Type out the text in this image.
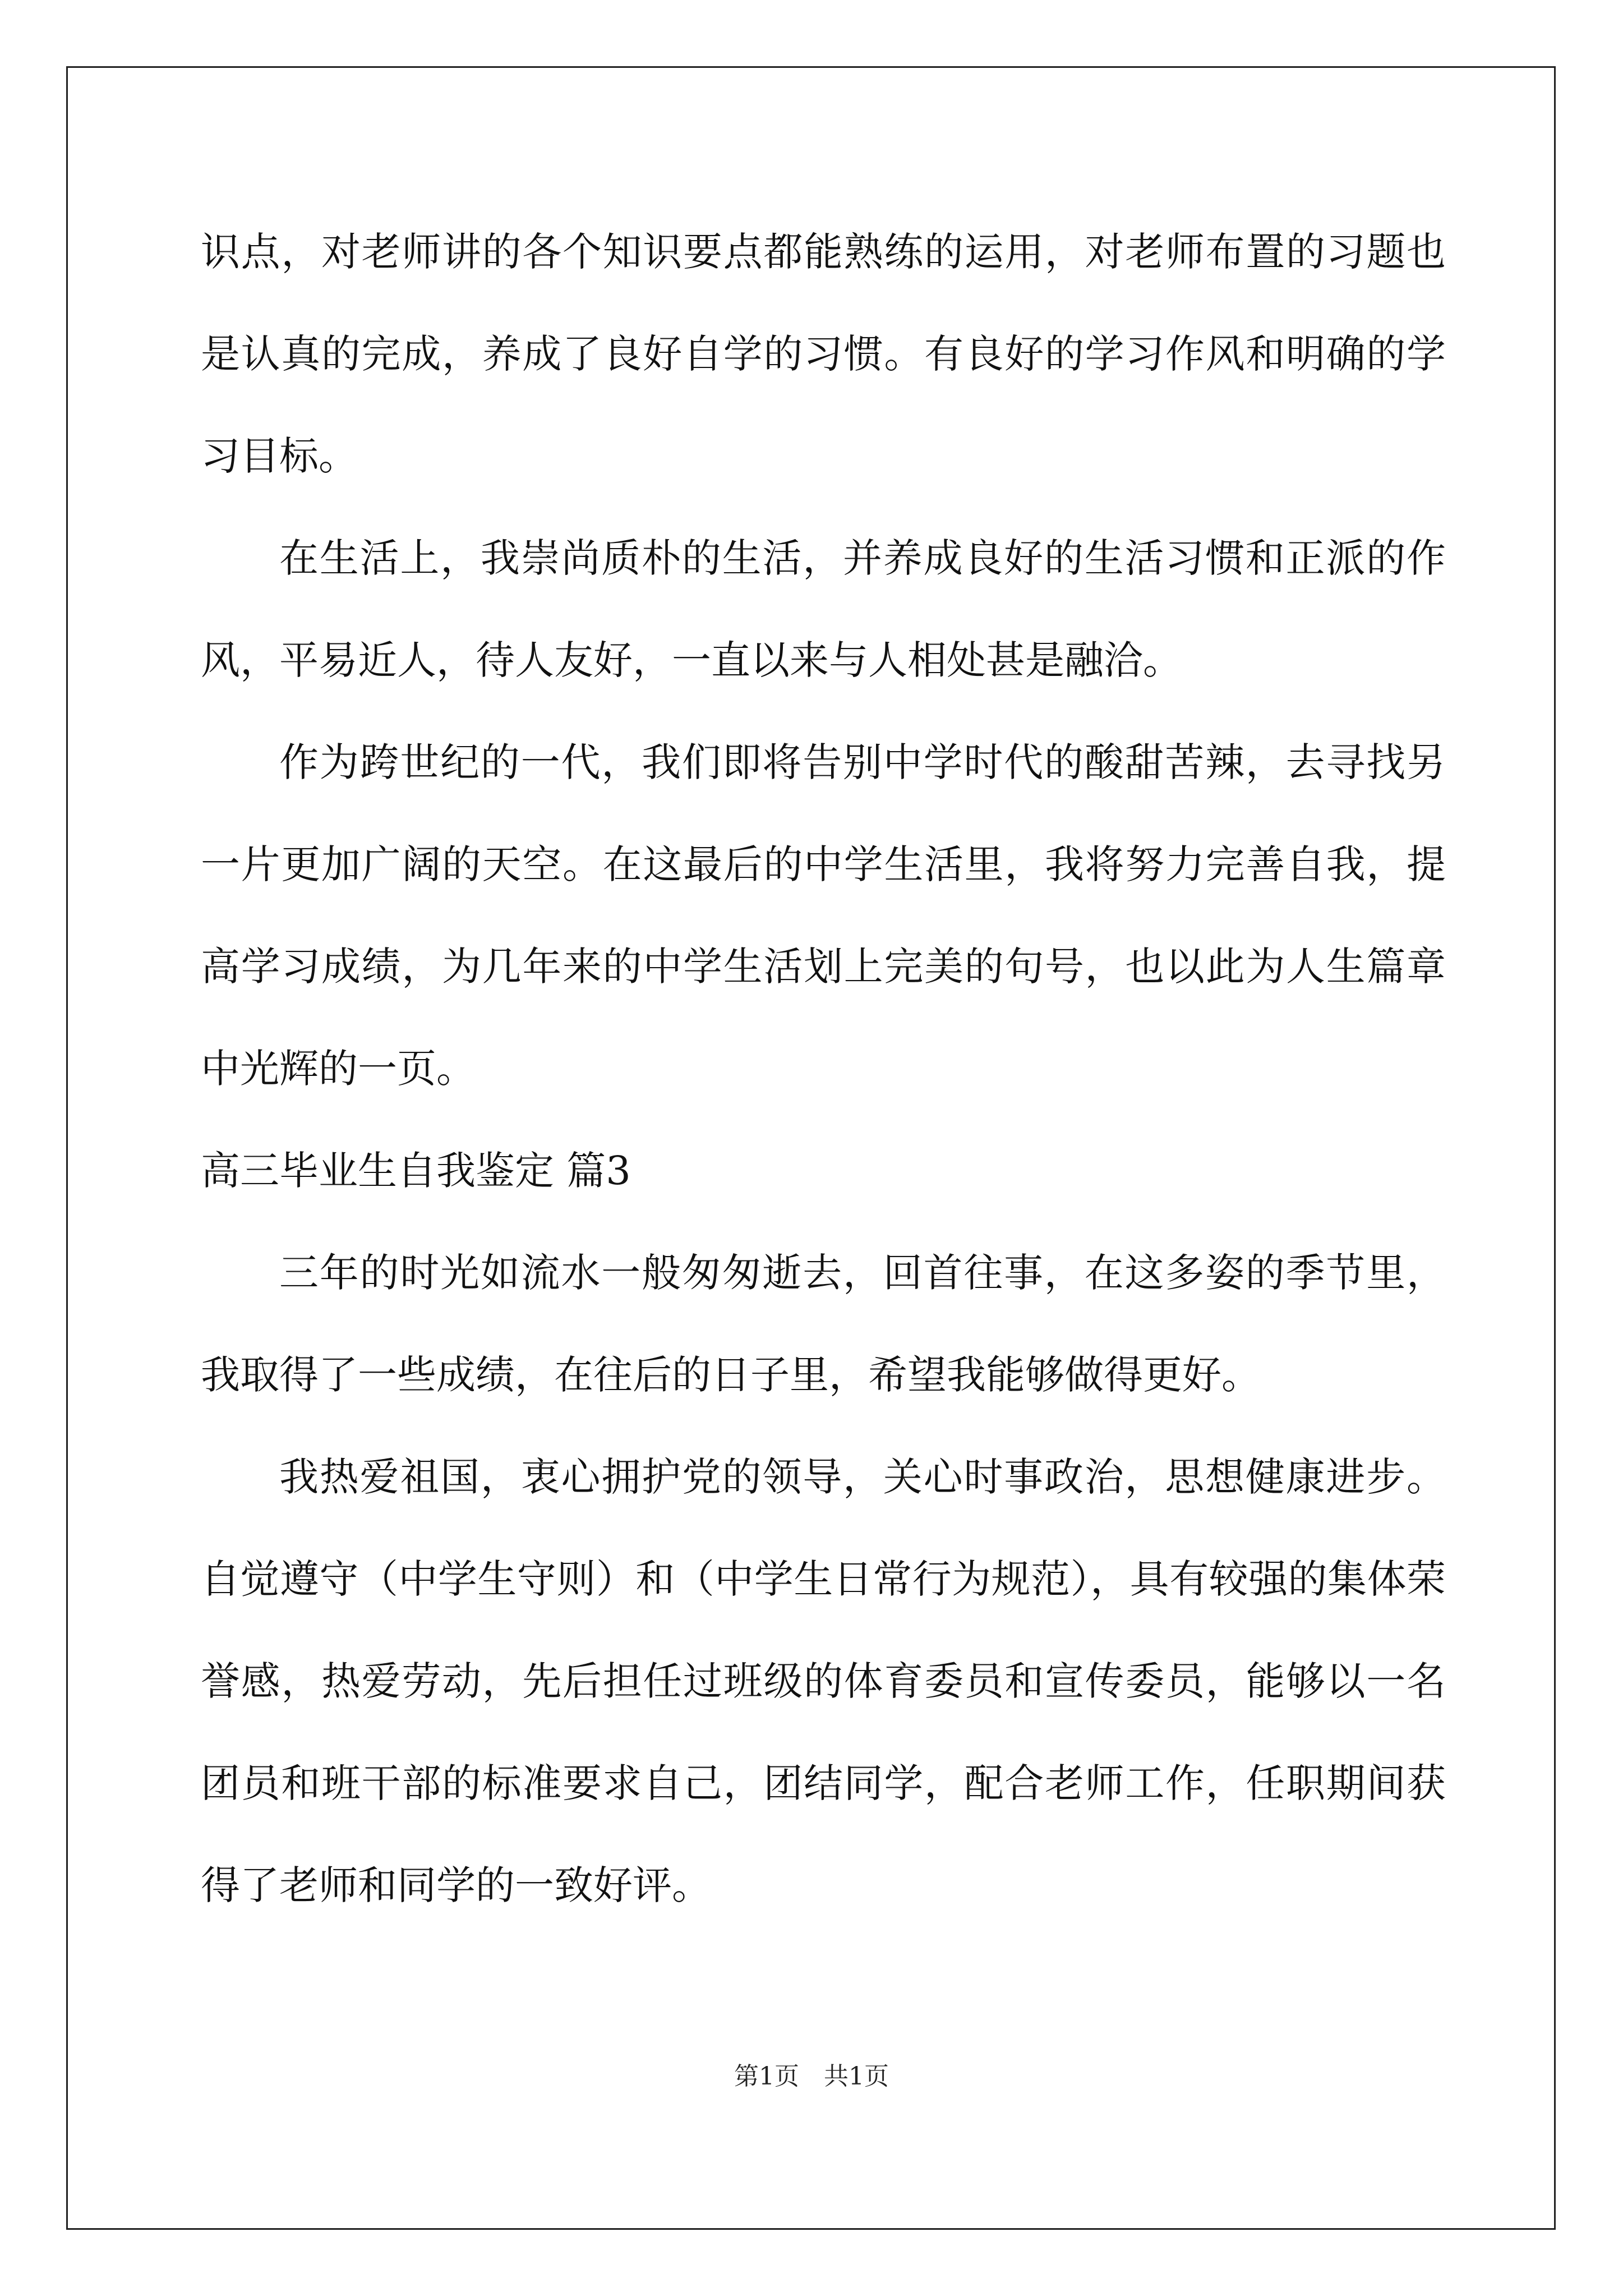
识点，对老师讲的各个知识要点都能熟练的运用，对老师布置的习题也是认真的完成，养成了良好自学的习惯。有良好的学习作风和明确的学习目标。

在生活上，我崇尚质朴的生活，并养成良好的生活习惯和正派的作风，平易近人，待人友好，一直以来与人相处甚是融洽。

作为跨世纪的一代，我们即将告别中学时代的酸甜苦辣，去寻找另一片更加广阔的天空。在这最后的中学生活里，我将努力完善自我，提高学习成绩，为几年来的中学生活划上完美的句号，也以此为人生篇章中光辉的一页。

高三毕业生自我鉴定 篇3

三年的时光如流水一般匆匆逝去，回首往事，在这多姿的季节里，我取得了一些成绩，在往后的日子里，希望我能够做得更好。

我热爱祖国，衷心拥护党的领导，关心时事政治，思想健康进步。自觉遵守（中学生守则）和（中学生日常行为规范），具有较强的集体荣誉感，热爱劳动，先后担任过班级的体育委员和宣传委员，能够以一名团员和班干部的标准要求自己，团结同学，配合老师工作，任职期间获得了老师和同学的一致好评。

第1页　共1页
